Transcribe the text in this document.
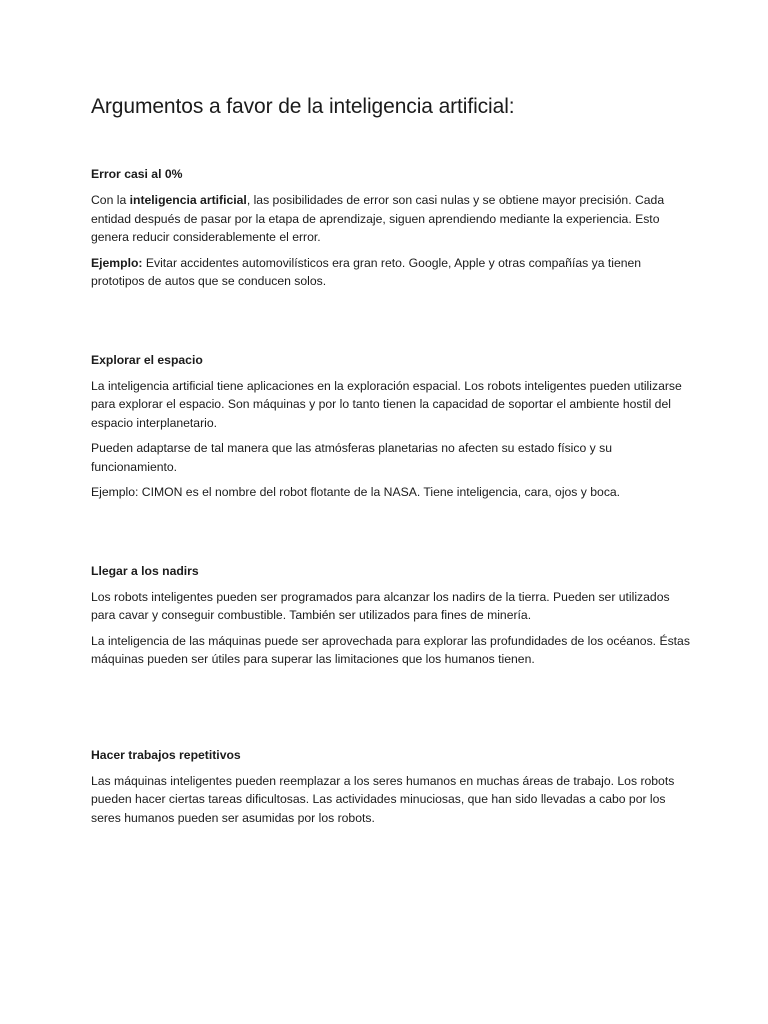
Argumentos a favor de la inteligencia artificial:
Error casi al 0%

Con la inteligencia artificial, las posibilidades de error son casi nulas y se obtiene mayor precisión. Cada entidad después de pasar por la etapa de aprendizaje, siguen aprendiendo mediante la experiencia. Esto genera reducir considerablemente el error.

Ejemplo: Evitar accidentes automovilísticos era gran reto. Google, Apple y otras compañías ya tienen prototipos de autos que se conducen solos.

Explorar el espacio

La inteligencia artificial tiene aplicaciones en la exploración espacial. Los robots inteligentes pueden utilizarse para explorar el espacio. Son máquinas y por lo tanto tienen la capacidad de soportar el ambiente hostil del espacio interplanetario.

Pueden adaptarse de tal manera que las atmósferas planetarias no afecten su estado físico y su funcionamiento.

Ejemplo: CIMON es el nombre del robot flotante de la NASA. Tiene inteligencia, cara, ojos y boca.

Llegar a los nadirs

Los robots inteligentes pueden ser programados para alcanzar los nadirs de la tierra. Pueden ser utilizados para cavar y conseguir combustible. También ser utilizados para fines de minería.

La inteligencia de las máquinas puede ser aprovechada para explorar las profundidades de los océanos. Éstas máquinas pueden ser útiles para superar las limitaciones que los humanos tienen.

Hacer trabajos repetitivos

Las máquinas inteligentes pueden reemplazar a los seres humanos en muchas áreas de trabajo. Los robots pueden hacer ciertas tareas dificultosas. Las actividades minuciosas, que han sido llevadas a cabo por los seres humanos pueden ser asumidas por los robots.
